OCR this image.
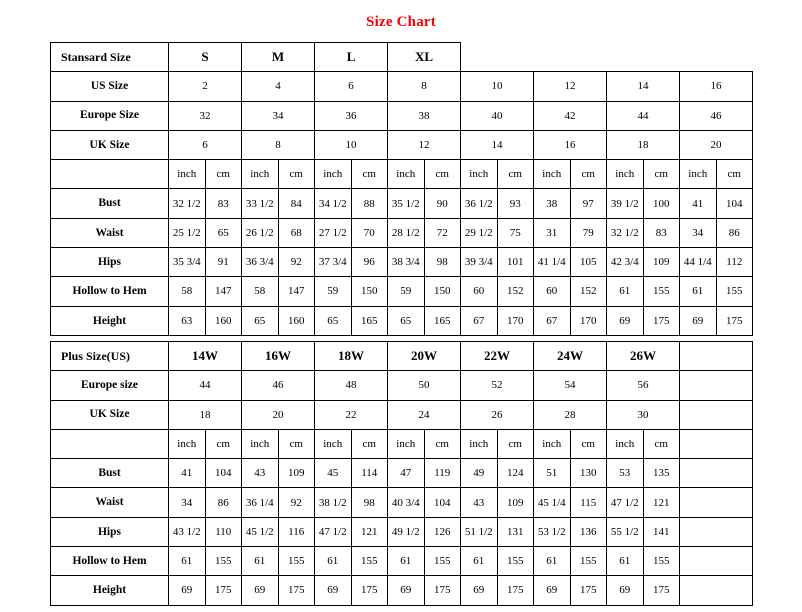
Size Chart
Stansard Size	S		M		L		XL									
US Size	2		4		6		8		10		12		14		16	
Europe Size	32		34		36		38		40		42		44		46	
UK Size	6		8		10		12		14		16		18		20	
	inch	cm	inch	cm	inch	cm	inch	cm	inch	cm	inch	cm	inch	cm	inch	cm
Bust	32 1/2	83	33 1/2	84	34 1/2	88	35 1/2	90	36 1/2	93	38	97	39 1/2	100	41	104
Waist	25 1/2	65	26 1/2	68	27 1/2	70	28 1/2	72	29 1/2	75	31	79	32 1/2	83	34	86
Hips	35 3/4	91	36 3/4	92	37 3/4	96	38 3/4	98	39 3/4	101	41 1/4	105	42 3/4	109	44 1/4	112
Hollow to Hem	58	147	58	147	59	150	59	150	60	152	60	152	61	155	61	155
Height	63	160	65	160	65	165	65	165	67	170	67	170	69	175	69	175
Plus Size(US)	14W		16W		18W		20W		22W		24W		26W		
Europe size	44		46		48		50		52		54		56		
UK Size	18		20		22		24		26		28		30		
	inch	cm	inch	cm	inch	cm	inch	cm	inch	cm	inch	cm	inch	cm	
Bust	41	104	43	109	45	114	47	119	49	124	51	130	53	135	
Waist	34	86	36 1/4	92	38 1/2	98	40 3/4	104	43	109	45 1/4	115	47 1/2	121	
Hips	43 1/2	110	45 1/2	116	47 1/2	121	49 1/2	126	51 1/2	131	53 1/2	136	55 1/2	141	
Hollow to Hem	61	155	61	155	61	155	61	155	61	155	61	155	61	155	
Height	69	175	69	175	69	175	69	175	69	175	69	175	69	175	
